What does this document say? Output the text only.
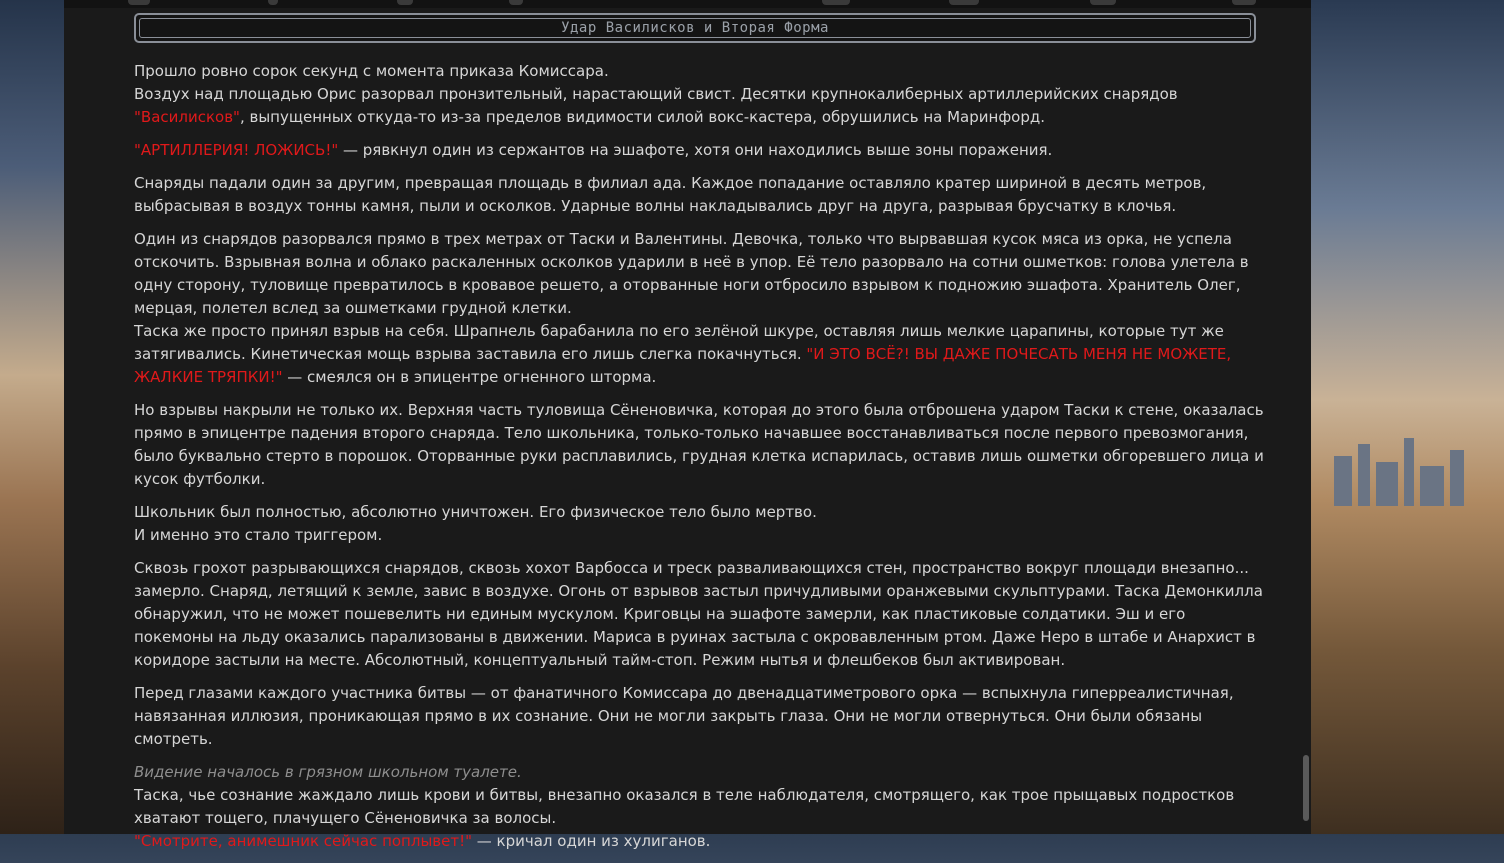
Удар Василисков и Вторая Форма

Прошло ровно сорок секунд с момента приказа Комиссара.
Воздух над площадью Орис разорвал пронзительный, нарастающий свист. Десятки крупнокалиберных артиллерийских снарядов "Василисков", выпущенных откуда-то из-за пределов видимости силой вокс-кастера, обрушились на Маринфорд.

"АРТИЛЛЕРИЯ! ЛОЖИСЬ!" — рявкнул один из сержантов на эшафоте, хотя они находились выше зоны поражения.

Снаряды падали один за другим, превращая площадь в филиал ада. Каждое попадание оставляло кратер шириной в десять метров, выбрасывая в воздух тонны камня, пыли и осколков. Ударные волны накладывались друг на друга, разрывая брусчатку в клочья.

Один из снарядов разорвался прямо в трех метрах от Таски и Валентины. Девочка, только что вырвавшая кусок мяса из орка, не успела отскочить. Взрывная волна и облако раскаленных осколков ударили в неё в упор. Её тело разорвало на сотни ошметков: голова улетела в одну сторону, туловище превратилось в кровавое решето, а оторванные ноги отбросило взрывом к подножию эшафота. Хранитель Олег, мерцая, полетел вслед за ошметками грудной клетки.
Таска же просто принял взрыв на себя. Шрапнель барабанила по его зелёной шкуре, оставляя лишь мелкие царапины, которые тут же затягивались. Кинетическая мощь взрыва заставила его лишь слегка покачнуться. "И ЭТО ВСЁ?! ВЫ ДАЖЕ ПОЧЕСАТЬ МЕНЯ НЕ МОЖЕТЕ, ЖАЛКИЕ ТРЯПКИ!" — смеялся он в эпицентре огненного шторма.

Но взрывы накрыли не только их. Верхняя часть туловища Сёненовичка, которая до этого была отброшена ударом Таски к стене, оказалась прямо в эпицентре падения второго снаряда. Тело школьника, только-только начавшее восстанавливаться после первого превозмогания, было буквально стерто в порошок. Оторванные руки расплавились, грудная клетка испарилась, оставив лишь ошметки обгоревшего лица и кусок футболки.

Школьник был полностью, абсолютно уничтожен. Его физическое тело было мертво.
И именно это стало триггером.

Сквозь грохот разрывающихся снарядов, сквозь хохот Варбосса и треск разваливающихся стен, пространство вокруг площади внезапно... замерло. Снаряд, летящий к земле, завис в воздухе. Огонь от взрывов застыл причудливыми оранжевыми скульптурами. Таска Демонкилла обнаружил, что не может пошевелить ни единым мускулом. Криговцы на эшафоте замерли, как пластиковые солдатики. Эш и его покемоны на льду оказались парализованы в движении. Мариса в руинах застыла с окровавленным ртом. Даже Неро в штабе и Анархист в коридоре застыли на месте. Абсолютный, концептуальный тайм-стоп. Режим нытья и флешбеков был активирован.

Перед глазами каждого участника битвы — от фанатичного Комиссара до двенадцатиметрового орка — вспыхнула гиперреалистичная, навязанная иллюзия, проникающая прямо в их сознание. Они не могли закрыть глаза. Они не могли отвернуться. Они были обязаны смотреть.

Видение началось в грязном школьном туалете.
Таска, чье сознание жаждало лишь крови и битвы, внезапно оказался в теле наблюдателя, смотрящего, как трое прыщавых подростков хватают тощего, плачущего Сёненовичка за волосы.
"Смотрите, анимешник сейчас поплывет!" — кричал один из хулиганов.
